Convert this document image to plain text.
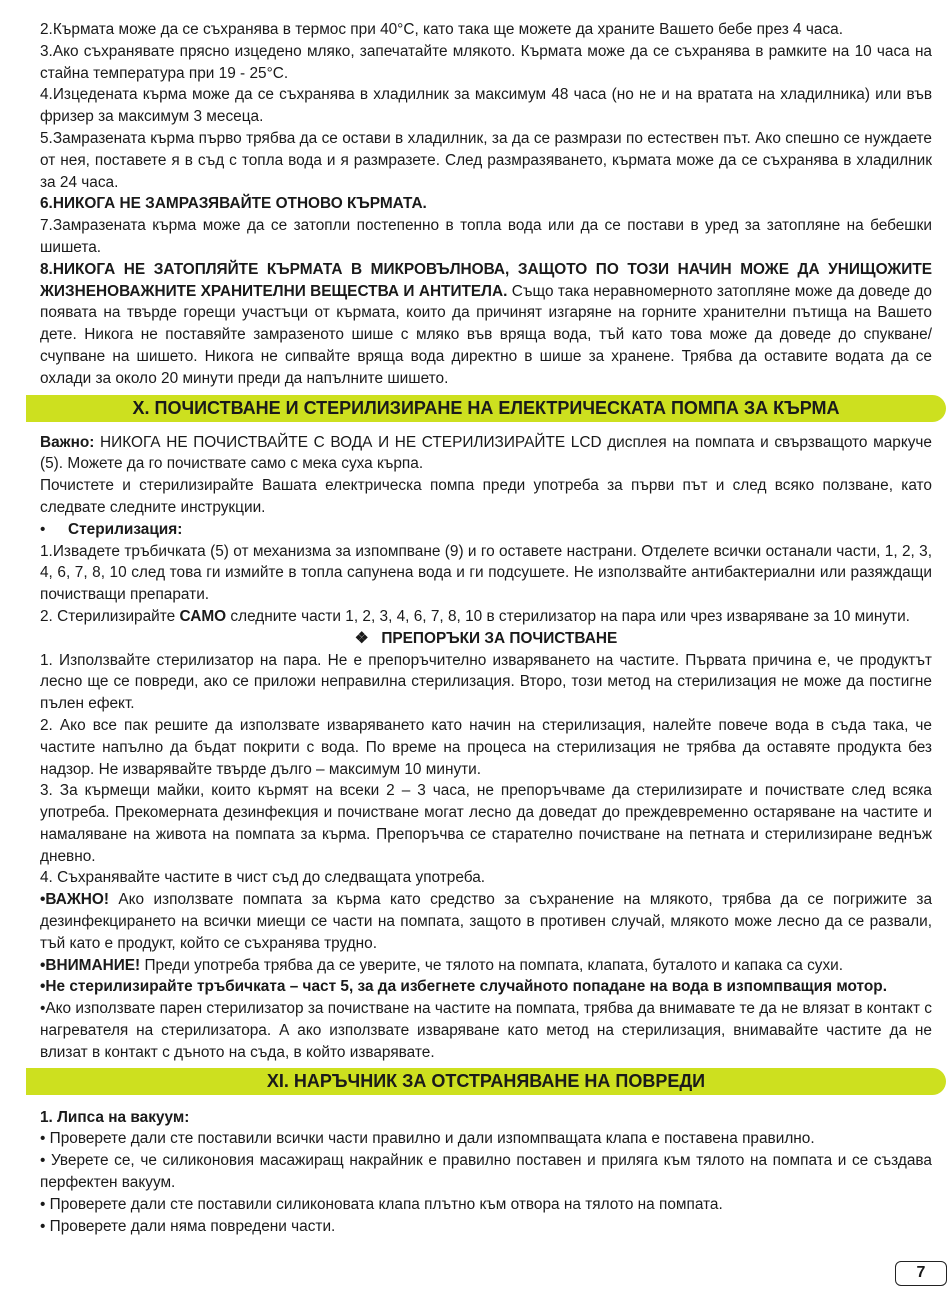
2.Кърмата може да се съхранява в термос при 40°С, като така ще можете да храните Вашето бебе през 4 часа.

3.Ако съхранявате прясно изцедено мляко, запечатайте млякото. Кърмата може да се съхранява в рамките на 10 часа на стайна температура при 19 - 25°С.

4.Изцедената кърма може да се съхранява в хладилник за максимум 48 часа (но не и на вратата на хладилника) или във фризер за максимум 3 месеца.

5.Замразената кърма първо трябва да се остави в хладилник, за да се размрази по естествен път. Ако спешно се нуждаете от нея, поставете я в съд с топла вода и я размразете. След размразяването, кърмата може да се съхранява в хладилник за 24 часа.

6.НИКОГА НЕ ЗАМРАЗЯВАЙТЕ ОТНОВО КЪРМАТА.

7.Замразената кърма може да се затопли постепенно в топла вода или да се постави в уред за затопляне на бебешки шишета.

8.НИКОГА НЕ ЗАТОПЛЯЙТЕ КЪРМАТА В МИКРОВЪЛНОВА, ЗАЩОТО ПО ТОЗИ НАЧИН МОЖЕ ДА УНИЩОЖИТЕ ЖИЗНЕНОВАЖНИТЕ ХРАНИТЕЛНИ ВЕЩЕСТВА И АНТИТЕЛА. Също така неравномерното затопляне може да доведе до появата на твърде горещи участъци от кърмата, които да причинят изгаряне на горните хранителни пътища на Вашето дете. Никога не поставяйте замразеното шише с мляко във вряща вода, тъй като това може да доведе до спукване/ счупване на шишето. Никога не сипвайте вряща вода директно в шише за хранене. Трябва да оставите водата да се охлади за около 20 минути преди да напълните шишето.

X. ПОЧИСТВАНЕ И СТЕРИЛИЗИРАНЕ НА ЕЛЕКТРИЧЕСКАТА ПОМПА ЗА КЪРМА

Важно: НИКОГА НЕ ПОЧИСТВАЙТЕ С ВОДА И НЕ СТЕРИЛИЗИРАЙТЕ LCD дисплея на помпата и свързващото маркуче (5). Можете да го почиствате само с мека суха кърпа.

Почистете и стерилизирайте Вашата електрическа помпа преди употреба за първи път и след всяко ползване, като следвате следните инструкции.

•	Стерилизация:

1.Извадете тръбичката (5) от механизма за изпомпване (9) и го оставете настрани. Отделете всички останали части, 1, 2, 3, 4, 6, 7, 8, 10 след това ги измийте в топла сапунена вода и ги подсушете. Не използвайте антибактериални или разяждащи почистващи препарати.

2. Стерилизирайте САМО следните части 1, 2, 3, 4, 6, 7, 8, 10 в стерилизатор на пара или чрез изваряване за 10 минути.

❖ ПРЕПОРЪКИ ЗА ПОЧИСТВАНЕ

1. Използвайте стерилизатор на пара. Не е препоръчително изваряването на частите. Първата причина е, че продуктът лесно ще се повреди, ако се приложи неправилна стерилизация. Второ, този метод на стерилизация не може да постигне пълен ефект.

2. Ако все пак решите да използвате изваряването като начин на стерилизация, налейте повече вода в съда така, че частите напълно да бъдат покрити с вода. По време на процеса на стерилизация не трябва да оставяте продукта без надзор. Не изварявайте твърде дълго – максимум 10 минути.

3. За кърмещи майки, които кърмят на всеки 2 – 3 часа, не препоръчваме да стерилизирате и почиствате след всяка употреба. Прекомерната дезинфекция и почистване могат лесно да доведат до преждевременно остаряване на частите и намаляване на живота на помпата за кърма. Препоръчва се старателно почистване на петната и стерилизиране веднъж дневно.

4. Съхранявайте частите в чист съд до следващата употреба.

•ВАЖНО! Ако използвате помпата за кърма като средство за съхранение на млякото, трябва да се погрижите за дезинфекцирането на всички миещи се части на помпата, защото в противен случай, млякото може лесно да се развали, тъй като е продукт, който се съхранява трудно.

•ВНИМАНИЕ! Преди употреба трябва да се уверите, че тялото на помпата, клапата, буталото и капака са сухи.

•Не стерилизирайте тръбичката – част 5, за да избегнете случайното попадане на вода в изпомпващия мотор.

•Ако използвате парен стерилизатор за почистване на частите на помпата, трябва да внимавате те да не влязат в контакт с нагревателя на стерилизатора. А ако използвате изваряване като метод на стерилизация, внимавайте частите да не влизат в контакт с дъното на съда, в който изварявате.

XI. НАРЪЧНИК ЗА ОТСТРАНЯВАНЕ НА ПОВРЕДИ

1. Липса на вакуум:

• Проверете дали сте поставили всички части правилно и дали изпомпващата клапа е поставена правилно.

• Уверете се, че силиконовия масажиращ накрайник е правилно поставен и приляга към тялото на помпата и се създава перфектен вакуум.

• Проверете дали сте поставили силиконовата клапа плътно към отвора на тялото на помпата.

• Проверете дали няма повредени части.

7
